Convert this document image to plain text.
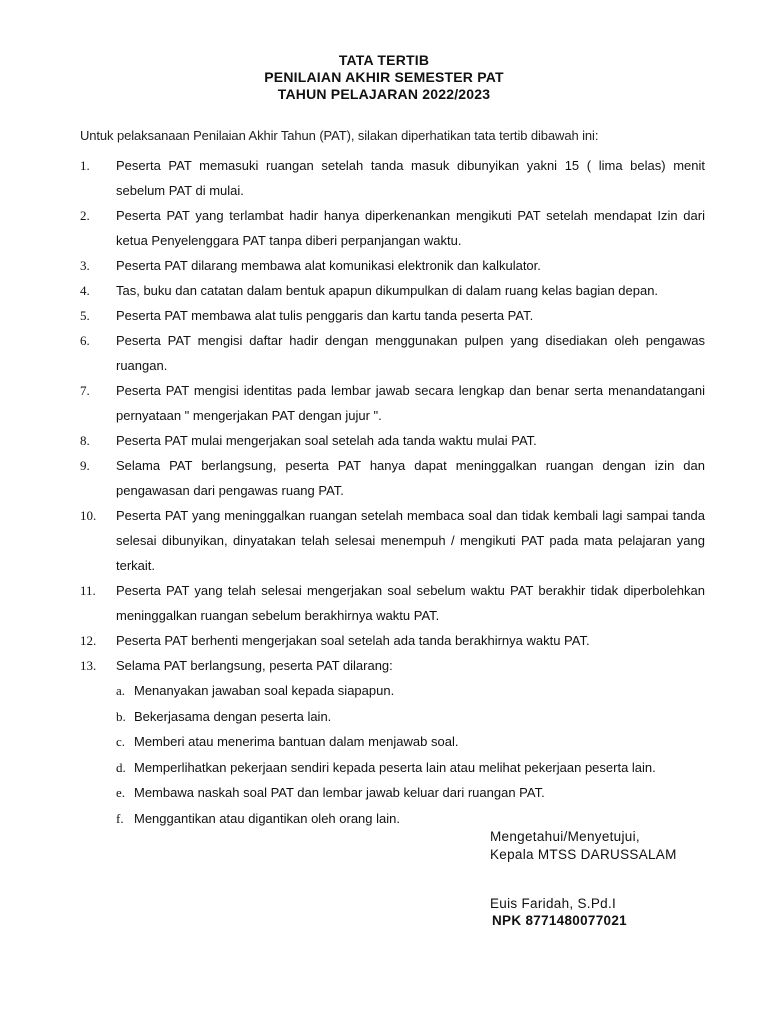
TATA TERTIB
PENILAIAN AKHIR SEMESTER PAT
TAHUN PELAJARAN 2022/2023
Untuk pelaksanaan Penilaian Akhir Tahun (PAT), silakan diperhatikan tata tertib dibawah ini:
1. Peserta PAT memasuki ruangan setelah tanda masuk dibunyikan yakni 15 ( lima belas) menit sebelum PAT di mulai.
2. Peserta PAT yang terlambat hadir hanya diperkenankan mengikuti PAT setelah mendapat Izin dari ketua Penyelenggara PAT tanpa diberi perpanjangan waktu.
3. Peserta PAT dilarang membawa alat komunikasi elektronik dan kalkulator.
4. Tas, buku dan catatan dalam bentuk apapun dikumpulkan di dalam ruang kelas bagian depan.
5. Peserta PAT membawa alat tulis penggaris dan kartu tanda peserta PAT.
6. Peserta PAT mengisi daftar hadir dengan menggunakan pulpen yang disediakan oleh pengawas ruangan.
7. Peserta PAT mengisi identitas pada lembar jawab secara lengkap dan benar serta menandatangani pernyataan " mengerjakan PAT dengan jujur ".
8. Peserta PAT mulai mengerjakan soal setelah ada tanda waktu mulai PAT.
9. Selama PAT berlangsung, peserta PAT hanya dapat meninggalkan ruangan dengan izin dan pengawasan dari pengawas ruang PAT.
10. Peserta PAT yang meninggalkan ruangan setelah membaca soal dan tidak kembali lagi sampai tanda selesai dibunyikan, dinyatakan telah selesai menempuh / mengikuti PAT pada mata pelajaran yang terkait.
11. Peserta PAT yang telah selesai mengerjakan soal sebelum waktu PAT berakhir tidak diperbolehkan meninggalkan ruangan sebelum berakhirnya waktu PAT.
12. Peserta PAT berhenti mengerjakan soal setelah ada tanda berakhirnya waktu PAT.
13. Selama PAT berlangsung, peserta PAT dilarang:
a. Menanyakan jawaban soal kepada siapapun.
b. Bekerjasama dengan peserta lain.
c. Memberi atau menerima bantuan dalam menjawab soal.
d. Memperlihatkan pekerjaan sendiri kepada peserta lain atau melihat pekerjaan peserta lain.
e. Membawa naskah soal PAT dan lembar jawab keluar dari ruangan PAT.
f. Menggantikan atau digantikan oleh orang lain.
Mengetahui/Menyetujui,
Kepala MTSS DARUSSALAM
Euis Faridah, S.Pd.I
NPK 8771480077021
